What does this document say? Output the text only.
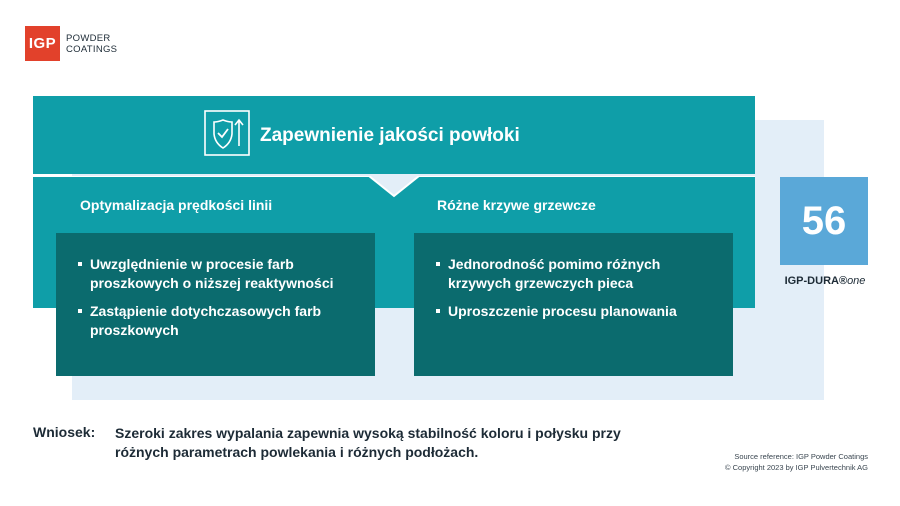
IGP	POWDER
COATINGS
Zapewnienie jakości powłoki
Optymalizacja prędkości linii	Różne krzywe grzewcze
Uwzględnienie w procesie farb proszkowych o niższej reaktywności
Zastąpienie dotychczasowych farb proszkowych
Jednorodność pomimo różnych krzywych grzewczych pieca
Uproszczenie procesu planowania
56
IGP-DURA®one
Wniosek: Szeroki zakres wypalania zapewnia wysoką stabilność koloru i połysku przy różnych parametrach powlekania i różnych podłożach.	Source reference: IGP Powder Coatings
© Copyright 2023 by IGP Pulvertechnik AG
